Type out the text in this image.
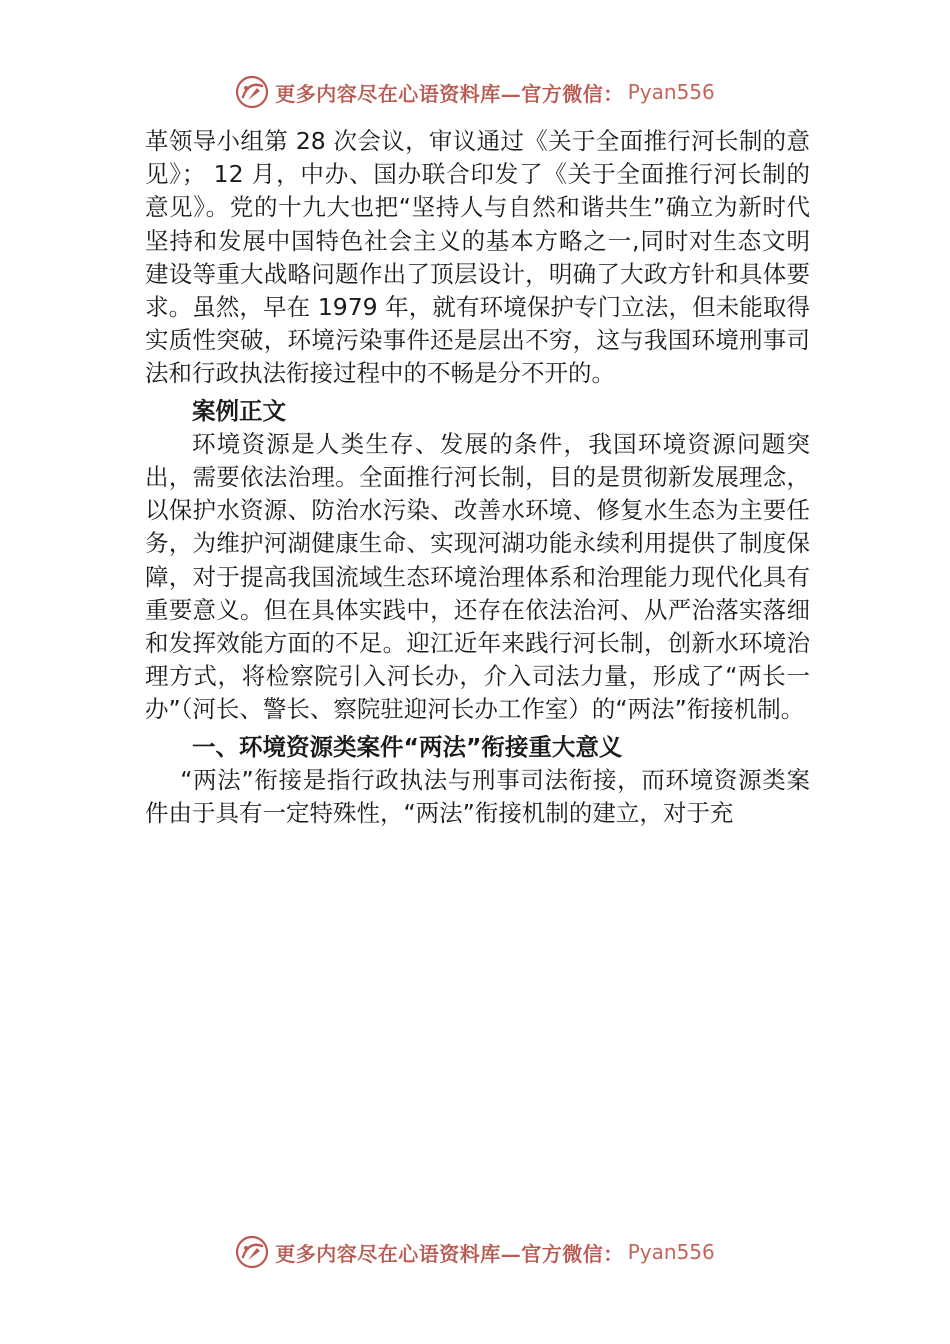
更多内容尽在心语资料库—官方微信： Pyan556

革领导小组第 28 次会议，审议通过《关于全面推行河长制的意见》； 12 月，中办、国办联合印发了《关于全面推行河长制的意见》。党的十九大也把“坚持人与自然和谐共生”确立为新时代坚持和发展中国特色社会主义的基本方略之一,同时对生态文明建设等重大战略问题作出了顶层设计，明确了大政方针和具体要求。虽然，早在 1979 年，就有环境保护专门立法，但未能取得实质性突破，环境污染事件还是层出不穷，这与我国环境刑事司法和行政执法衔接过程中的不畅是分不开的。

案例正文

环境资源是人类生存、发展的条件，我国环境资源问题突出，需要依法治理。全面推行河长制，目的是贯彻新发展理念，以保护水资源、防治水污染、改善水环境、修复水生态为主要任务，为维护河湖健康生命、实现河湖功能永续利用提供了制度保障，对于提高我国流域生态环境治理体系和治理能力现代化具有重要意义。但在具体实践中，还存在依法治河、从严治落实落细和发挥效能方面的不足。迎江近年来践行河长制，创新水环境治理方式，将检察院引入河长办，介入司法力量，形成了“两长一办”（河长、警长、察院驻迎河长办工作室）的“两法”衔接机制。

一、环境资源类案件“两法”衔接重大意义

“两法”衔接是指行政执法与刑事司法衔接，而环境资源类案件由于具有一定特殊性，“两法”衔接机制的建立，对于充

更多内容尽在心语资料库—官方微信： Pyan556
